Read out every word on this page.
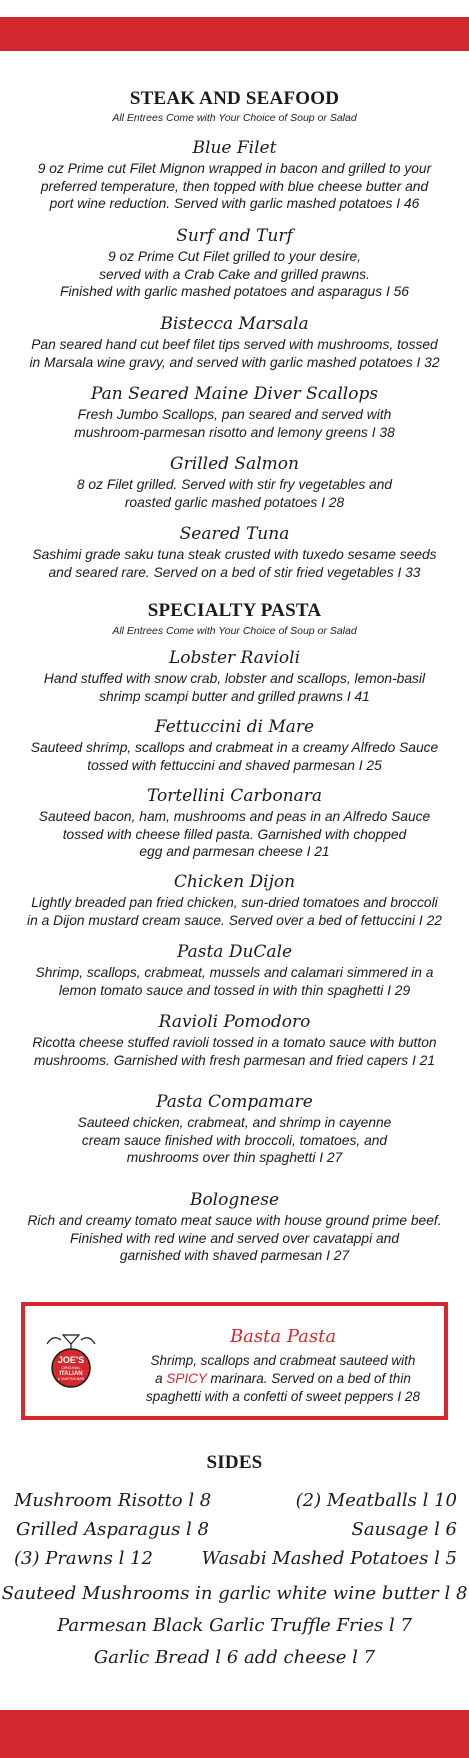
STEAK AND SEAFOOD
All Entrees Come with Your Choice of Soup or Salad
Blue Filet
9 oz Prime cut Filet Mignon wrapped in bacon and grilled to your
preferred temperature, then topped with blue cheese butter and
port wine reduction. Served with garlic mashed potatoes I 46
Surf and Turf
9 oz Prime Cut Filet grilled to your desire,
served with a Crab Cake and grilled prawns.
Finished with garlic mashed potatoes and asparagus I 56
Bistecca Marsala
Pan seared hand cut beef filet tips served with mushrooms, tossed
in Marsala wine gravy, and served with garlic mashed potatoes I 32
Pan Seared Maine Diver Scallops
Fresh Jumbo Scallops, pan seared and served with
mushroom-parmesan risotto and lemony greens I 38
Grilled Salmon
8 oz Filet grilled. Served with stir fry vegetables and
roasted garlic mashed potatoes I 28
Seared Tuna
Sashimi grade saku tuna steak crusted with tuxedo sesame seeds
and seared rare. Served on a bed of stir fried vegetables I 33
SPECIALTY PASTA
All Entrees Come with Your Choice of Soup or Salad
Lobster Ravioli
Hand stuffed with snow crab, lobster and scallops, lemon-basil
shrimp scampi butter and grilled prawns I 41
Fettuccini di Mare
Sauteed shrimp, scallops and crabmeat in a creamy Alfredo Sauce
tossed with fettuccini and shaved parmesan I 25
Tortellini Carbonara
Sauteed bacon, ham, mushrooms and peas in an Alfredo Sauce
tossed with cheese filled pasta. Garnished with chopped
egg and parmesan cheese I 21
Chicken Dijon
Lightly breaded pan fried chicken, sun-dried tomatoes and broccoli
in a Dijon mustard cream sauce. Served over a bed of fettuccini I 22
Pasta DuCale
Shrimp, scallops, crabmeat, mussels and calamari simmered in a
lemon tomato sauce and tossed in with thin spaghetti I 29
Ravioli Pomodoro
Ricotta cheese stuffed ravioli tossed in a tomato sauce with button
mushrooms. Garnished with fresh parmesan and fried capers I 21
Pasta Compamare
Sauteed chicken, crabmeat, and shrimp in cayenne
cream sauce finished with broccoli, tomatoes, and
mushrooms over thin spaghetti I 27
Bolognese
Rich and creamy tomato meat sauce with house ground prime beef.
Finished with red wine and served over cavatappi and
garnished with shaved parmesan I 27
JOE'S
ORIGINAL
ITALIAN
& MARTINI BAR
Basta Pasta
Shrimp, scallops and crabmeat sauteed with
a SPICY marinara. Served on a bed of thin
spaghetti with a confetti of sweet peppers I 28
SIDES
Mushroom Risotto l 8	(2) Meatballs l 10
Grilled Asparagus l 8	Sausage l 6
(3) Prawns l 12	Wasabi Mashed Potatoes l 5
Sauteed Mushrooms in garlic white wine butter l 8
Parmesan Black Garlic Truffle Fries l 7
Garlic Bread l 6 add cheese l 7
